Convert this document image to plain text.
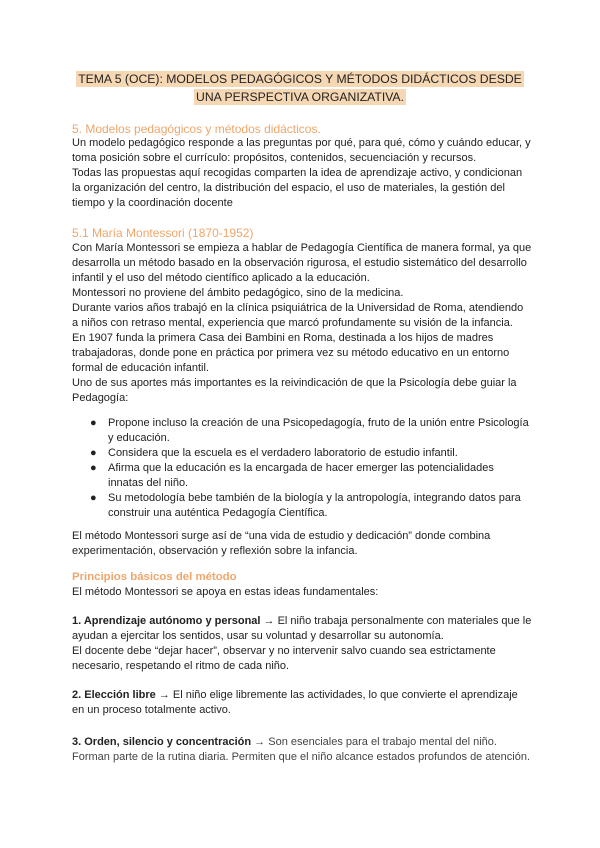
TEMA 5 (OCE): MODELOS PEDAGÓGICOS Y MÉTODOS DIDÁCTICOS DESDE
UNA PERSPECTIVA ORGANIZATIVA.
5. Modelos pedagógicos y métodos didácticos.

Un modelo pedagógico responde a las preguntas por qué, para qué, cómo y cuándo educar, y toma posición sobre el currículo: propósitos, contenidos, secuenciación y recursos.

Todas las propuestas aquí recogidas comparten la idea de aprendizaje activo, y condicionan la organización del centro, la distribución del espacio, el uso de materiales, la gestión del tiempo y la coordinación docente

5.1 María Montessori (1870-1952)

Con María Montessori se empieza a hablar de Pedagogía Científica de manera formal, ya que desarrolla un método basado en la observación rigurosa, el estudio sistemático del desarrollo infantil y el uso del método científico aplicado a la educación.

Montessori no proviene del ámbito pedagógico, sino de la medicina.

Durante varios años trabajó en la clínica psiquiátrica de la Universidad de Roma, atendiendo a niños con retraso mental, experiencia que marcó profundamente su visión de la infancia.

En 1907 funda la primera Casa dei Bambini en Roma, destinada a los hijos de madres trabajadoras, donde pone en práctica por primera vez su método educativo en un entorno formal de educación infantil.

Uno de sus aportes más importantes es la reivindicación de que la Psicología debe guiar la Pedagogía:

● Propone incluso la creación de una Psicopedagogía, fruto de la unión entre Psicología y educación.
● Considera que la escuela es el verdadero laboratorio de estudio infantil.
● Afirma que la educación es la encargada de hacer emerger las potencialidades innatas del niño.
● Su metodología bebe también de la biología y la antropología, integrando datos para construir una auténtica Pedagogía Científica.

El método Montessori surge así de “una vida de estudio y dedicación” donde combina experimentación, observación y reflexión sobre la infancia.

Principios básicos del método

El método Montessori se apoya en estas ideas fundamentales:

1. Aprendizaje autónomo y personal → El niño trabaja personalmente con materiales que le ayudan a ejercitar los sentidos, usar su voluntad y desarrollar su autonomía.

El docente debe “dejar hacer”, observar y no intervenir salvo cuando sea estrictamente necesario, respetando el ritmo de cada niño.

2. Elección libre → El niño elige libremente las actividades, lo que convierte el aprendizaje en un proceso totalmente activo.

3. Orden, silencio y concentración → Son esenciales para el trabajo mental del niño. Forman parte de la rutina diaria. Permiten que el niño alcance estados profundos de atención.
